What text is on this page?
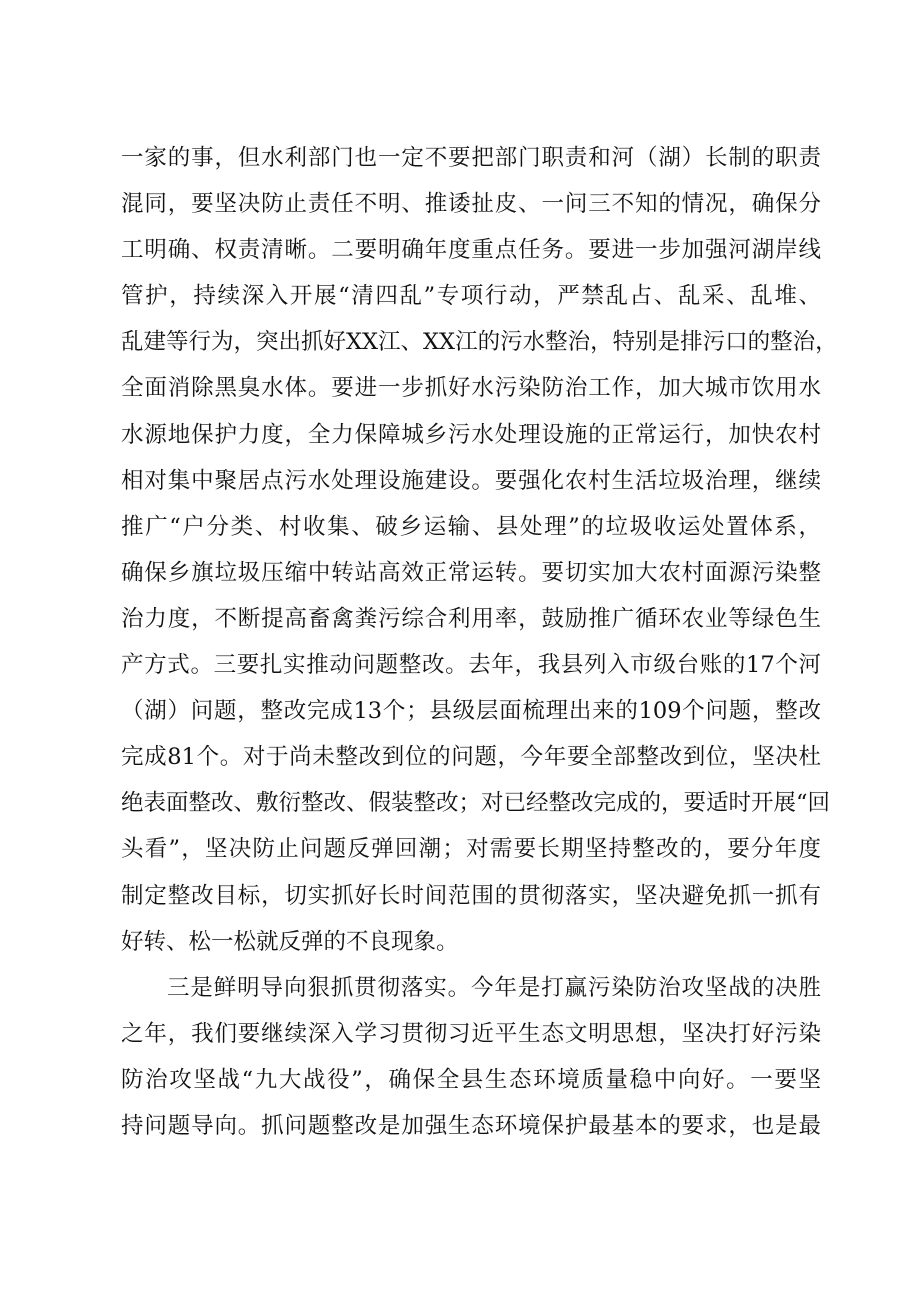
一家的事，但水利部门也一定不要把部门职责和河（湖）长制的职责
混同，要坚决防止责任不明、推诿扯皮、一问三不知的情况，确保分
工明确、权责清晰。二要明确年度重点任务。要进一步加强河湖岸线
管护，持续深入开展“清四乱”专项行动，严禁乱占、乱采、乱堆、
乱建等行为，突出抓好XX江、XX江的污水整治，特别是排污口的整治，
全面消除黑臭水体。要进一步抓好水污染防治工作，加大城市饮用水
水源地保护力度，全力保障城乡污水处理设施的正常运行，加快农村
相对集中聚居点污水处理设施建设。要强化农村生活垃圾治理，继续
推广“户分类、村收集、破乡运输、县处理”的垃圾收运处置体系，
确保乡旗垃圾压缩中转站高效正常运转。要切实加大农村面源污染整
治力度，不断提高畜禽粪污综合利用率，鼓励推广循环农业等绿色生
产方式。三要扎实推动问题整改。去年，我县列入市级台账的17个河
（湖）问题，整改完成13个；县级层面梳理出来的109个问题，整改
完成81个。对于尚未整改到位的问题，今年要全部整改到位，坚决杜
绝表面整改、敷衍整改、假装整改；对已经整改完成的，要适时开展“回
头看”，坚决防止问题反弹回潮；对需要长期坚持整改的，要分年度
制定整改目标，切实抓好长时间范围的贯彻落实，坚决避免抓一抓有
好转、松一松就反弹的不良现象。
三是鲜明导向狠抓贯彻落实。今年是打赢污染防治攻坚战的决胜
之年，我们要继续深入学习贯彻习近平生态文明思想，坚决打好污染
防治攻坚战“九大战役”，确保全县生态环境质量稳中向好。一要坚
持问题导向。抓问题整改是加强生态环境保护最基本的要求，也是最
